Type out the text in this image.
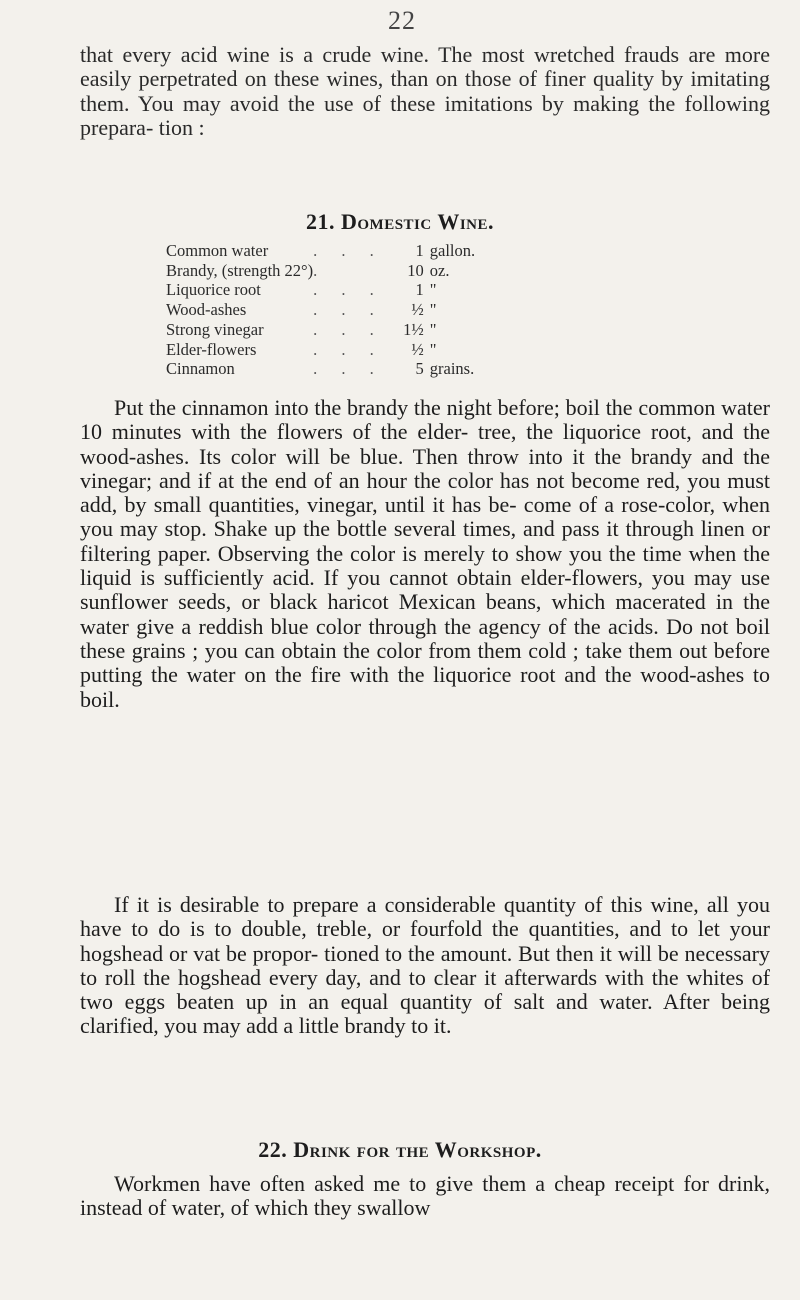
22

that every acid wine is a crude wine. The most wretched frauds are more easily perpetrated on these wines, than on those of finer quality by imitating them. You may avoid the use of these imitations by making the following prepara- tion :

21. Domestic Wine.
Common water	. . .	1	gallon.
Brandy, (strength 22°)	.	10	oz.
Liquorice root	. . .	1	"
Wood-ashes	. . .	½	"
Strong vinegar	. . .	1½	"
Elder-flowers	. . .	½	"
Cinnamon	. . .	5	grains.

Put the cinnamon into the brandy the night before; boil the common water 10 minutes with the flowers of the elder- tree, the liquorice root, and the wood-ashes. Its color will be blue. Then throw into it the brandy and the vinegar; and if at the end of an hour the color has not become red, you must add, by small quantities, vinegar, until it has be- come of a rose-color, when you may stop. Shake up the bottle several times, and pass it through linen or filtering paper. Observing the color is merely to show you the time when the liquid is sufficiently acid. If you cannot obtain elder-flowers, you may use sunflower seeds, or black haricot Mexican beans, which macerated in the water give a reddish blue color through the agency of the acids. Do not boil these grains ; you can obtain the color from them cold ; take them out before putting the water on the fire with the liquorice root and the wood-ashes to boil.

If it is desirable to prepare a considerable quantity of this wine, all you have to do is to double, treble, or fourfold the quantities, and to let your hogshead or vat be propor- tioned to the amount. But then it will be necessary to roll the hogshead every day, and to clear it afterwards with the whites of two eggs beaten up in an equal quantity of salt and water. After being clarified, you may add a little brandy to it.

22. Drink for the Workshop.

Workmen have often asked me to give them a cheap receipt for drink, instead of water, of which they swallow
